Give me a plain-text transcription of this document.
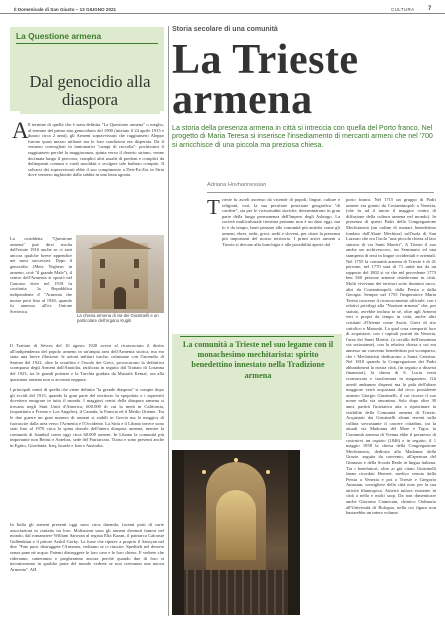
Il Domenicale di San Giusto – 13 GIUGNO 2021	CULTURA 7
La Questione armena
Dal genocidio alla diaspora
A ll termine di quella che è stata definita "La Questione armena" o meglio, al termine del primo atto genocidario del 1900 (iniziato il 24 aprile 1915 e durato circa 2 anni), gli Armeni sopravvissuti che raggiunsero Aleppo furono quasi mezzo milione ma le loro condizioni era disperata. Da lì vennero convogliati in fantomatici "campi di raccolta": pochissimi li raggiunsero perché la maggioranza, spinta verso il deserto siriano, venne decimata lungo il percorso, complici altri assalti di predoni e complici da delinquenti comuni e curdi assoldati e svolgere tale barbaro compito. Il salvarsi dei sopravvissuti ebbe il suo compimento a Deir-Ez-Zor in Siria dove vennero inghiottiti dalla sabbia in una lenta agonia.
La cosiddetta "Questione armena" può dirsi risolta dall'estate 1916 anche se ci sarà ancora qualche breve appendice nei mesi successivi. Dopo il genocidio (Metz Yeghern in armeno, cioè "il grande Male"), il centro dell'Armenia si spostò nel Caucaso dove nel 1918 fu costituita la Repubblica indipendente d' "Armenia che mosse però fino al 1920, quando fu annessa all'ex Unione Sovietica.
La chiesa armena di via dei Giustinelli e un particolare dell'organo Kuglri
Il Trattato di Sèvres del 10 agosto 1920 aveva al riconosciuto il diritto all'indipendenza del popolo armeno in un'ampia area dell'Armenia storica, ma era stata una breve illusione: le azioni militari turche, culminate con l'incendio di Smirne del 1922, oltre la sconfitta e l'esodo dei Greci, provocarono la definitiva scomparsa degli Armeni dall'Anatolia, ratificata in seguito dal Trattato di Losanna del 1923, tra le grandi potenze e la Turchia guidata da Mustafà Kemal, ora alla questione armena non si accennò neppure.
I principali centri di quella che viene definita "la grande diaspora" si compie dopo gli eccidi del 1915, quando la gran parte del territorio fu spopolato e i superstiti dovettero emigrare in tutto il mondo. I maggiori centri della diaspora armena si trovano negli Stati Uniti d'America, 600.000 di cui la metà in California, (soprattutto a Fresno e Los Angeles), il Canada, la Francia ed il Medio Oriente. Tra le due guerre un gran numero di armeni si stabilì in Grecia ma la maggior di fuoruscire dalla area verso l'Armenia e l'Occidente. La Siria e il Libano invece sono stati fino al 1970 circa la spina dorsale dell'intera diaspora armena, mentre la comunità di Istanbul conta oggi circa 60.000 armeni. In Libano la comunità più importante non Beirut e Antelias, sede del Patriarcato, Tiaiso e sono presenti anche in Egitto, Giordania, Iraq, Israele e Iran e Australia.
In Italia gli armeni presenti oggi sono circa duemila, facenti parti di varie associazioni in contatto tra loro. Moltissimi sono gli armeni divenuti famosi nel mondo, dal romanziere William Saroyan al regista Elia Kazan, il patriarca Calouste Gulbenkian e il pittore Arshil Gorky. La frase che ripetev a proprio il Saroyan nel dire "Fate pure, distruggete l'Armenia, vediamo se ci riuscite. Spediteli nel deserto senza pane né acqua. Fatemi distruggere le loro case e le loro chiese. E vedrete che rideranno, canteranno e pregheranno ancora perché quando due di loro si incontreranno in qualche parte del mondo vedrete se non creeranno una nuova Armenia". AH
Storia secolare di una comunità
La Trieste
armena
La storia della presenza armena in città si intreccia con quella del Porto franco. Nel progetto di Maria Teresa si inserisce l'insediamento di mercanti armeni che nel '700 si arricchisce di una piccola ma preziosa chiesa.
Adriana Hovhannessian
T rieste fu ascelt ascenso da vicende di popoli, lingue, culture e religioni, così, la sua peculiare posizione geografica "di confine", sia per le vicissitudini storiche, determinarono in gran parte della lunga permanenza dell'Impero degli Asburgo. La società multiculturale triestina pertanto non è un dato oggi, ma lo è da tempo, basti pensare alle comunità più antiche come gli armeni, ebrei, serbi, greci, serbi e sloveni, per citare la presenza più importanti del nostro territorio. I primi arrivi armeni a Trieste si devono alla franchigia e alle possibilità aperte dal
La comunità a Trieste nel suo legame con il monachesimo mechitarista: spirito benedettino innestato nella Tradizione armena
porto franco. Nel 1715 un gruppo di Padri armeni era giunto da Costantinopoli a Venezia, (che fu ad il tutore il maggior centro di diffusione della cultura armena nel mondo). In presenza di questi Padri della Congregazione Mechitarista (un ordine di monaci benedettino fondato dall'Abate Mechitar) sull'isola di San Lazzaro che era l'isola "una piccola chiesa al lato sinistro di via Santi Martiri". A Trieste il suo anche un archivescovo, un Seminario ed una stamperia di testi in lingue occidentali e orientali. Nel 1755 la comunità armena di Trieste è di 41 persone, nel 1770 sarà di 71 unità ma da un rapporto del 1802 si va che nel precedente 1773 ben 560 persone armene risiedevano in città. Molti vivevano dei territori sotto dominio turco, altri da Costantinopoli, dalla Persia e dalla Georgia. Sempre nel 1755 l'imperatrice Maria Teresa concesse il riconoscimento ufficiale, con i relativi privilegi alla "Nazione armena" che, per statuto, avrebbe incluso in sé, oltre agli Armeni veri e propri da tempo in città, anche altri cristiani d'Oriente come Assiri, Greci di rito cattolico e Maroniti. La qual cosa comportò loro di acquistare, con i capitali portati da Venezia, l'area dei Santi Martiri, (a cavallo dell'omonima via sottostante), con la relativa chiesa a cui era annesso un convento benedettino poi scomparso, che i Mechitaristi dedicarono a Santa Caterina. Nel 1810 quando la Congregazione dei Padri abbandonerà la nostra città, (in seguito a dissesti finanziari), la chiesa di S. Lucia verrà sconsacrata e trasformata in magazzino. Gli arredi andranno dispersi ma la pala dell'altare maggiore verrà acquistata dal ricco possidente armeno Giorgio Giustinelli, il cui ricorre il suo nome nella via omonima. Solo dopo oltre 30 anni, partirà l'iniziativa atta a ripristinare la visibilità della Comunità armena di Trieste. Acquistati dai Giustinelli alcuni terreni sulla collina sovrastante il carcere cittadino, tra la attuali via Madonna del Mare e Tigor, la Comunità armena di Vienna ebbe il permesso di costruirvi un ospizio (1846) e in seguito, il 1 maggio 1858 la chiesa della Congregazione Mechitarista, dedicata alla Madonna della Grazie, seguita da convento, all'apertura del Ginnasio e della Scuola Reale in lingua italiana. Tra i benefattori, oltre ai già citato Giustinelli fanno ricordati Herneri, medico venuto dalla Persia a Venezia e poi a Trieste e Gregorio Amasian, consigliere della città noto per la sua attività filantropica. Attività tuttora esistente in città a nella e molti sacp. Da non dimenticare anche Giacomo Ciamician, chimico Ordinario all'Università di Bologna, nella cui figura non bastarebbe un intero volume.
